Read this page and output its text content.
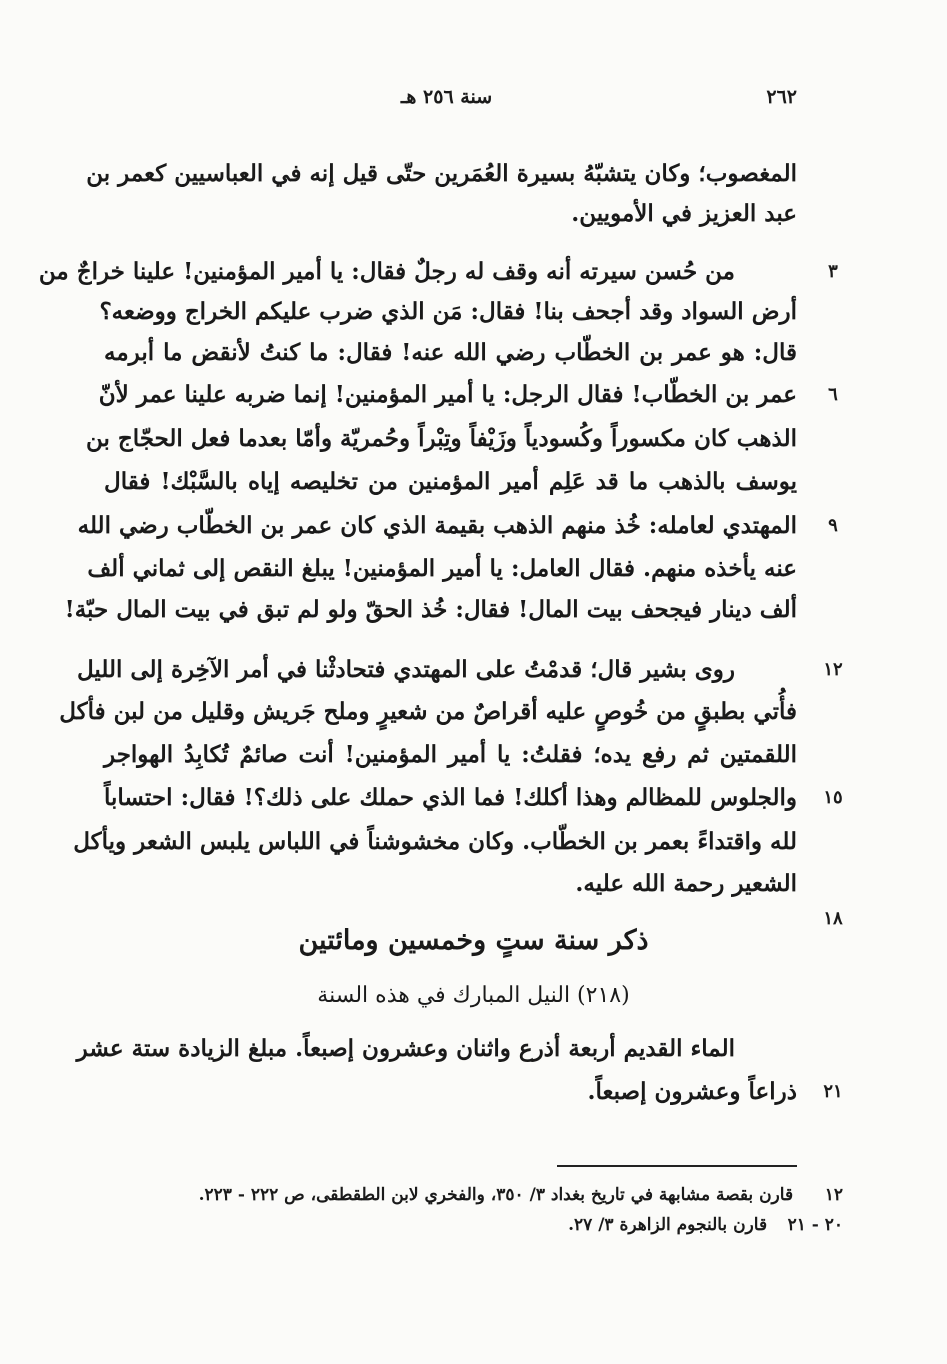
٢٦٢
سنة ٢٥٦ هـ
المغصوب؛ وكان يتشبّهُ بسيرة العُمَرين حتّى قيل إنه في العباسيين كعمر بن
عبد العزيز في الأمويين.
من حُسن سيرته أنه وقف له رجلٌ فقال: يا أمير المؤمنين! علينا خراجٌ من
أرض السواد وقد أجحف بنا! فقال: مَن الذي ضرب عليكم الخراج ووضعه؟
قال: هو عمر بن الخطّاب رضي الله عنه! فقال: ما كنتُ لأنقض ما أبرمه
عمر بن الخطّاب! فقال الرجل: يا أمير المؤمنين! إنما ضربه علينا عمر لأنّ
الذهب كان مكسوراً وكُسودياً وزَيْفاً وتِبْراً وحُمريّة وأمّا بعدما فعل الحجّاج بن
يوسف بالذهب ما قد عَلِم أمير المؤمنين من تخليصه إياه بالسَّبْك! فقال
المهتدي لعامله: خُذ منهم الذهب بقيمة الذي كان عمر بن الخطّاب رضي الله
عنه يأخذه منهم. فقال العامل: يا أمير المؤمنين! يبلغ النقص إلى ثماني ألف
ألف دينار فيجحف بيت المال! فقال: خُذ الحقّ ولو لم تبق في بيت المال حبّة!
روى بشير قال؛ قدمْتُ على المهتدي فتحادثْنا في أمر الآخِرة إلى الليل
فأُتي بطبقٍ من خُوصٍ عليه أقراصٌ من شعيرٍ وملح جَريش وقليل من لبن فأكل
اللقمتين ثم رفع يده؛ فقلتُ: يا أمير المؤمنين! أنت صائمٌ تُكابِدُ الهواجر
والجلوس للمظالم وهذا أكلك! فما الذي حملك على ذلك؟! فقال: احتساباً
لله واقتداءً بعمر بن الخطّاب. وكان مخشوشناً في اللباس يلبس الشعر ويأكل
الشعير رحمة الله عليه.
ذكر سنة ستٍ وخمسين ومائتين
(٢١٨) النيل المبارك في هذه السنة
الماء القديم أربعة أذرع واثنان وعشرون إصبعاً. مبلغ الزيادة ستة عشر
ذراعاً وعشرون إصبعاً.
٣
٦
٩
١٢
١٥
١٨
٢١
١٢ قارن بقصة مشابهة في تاريخ بغداد ٣/ ٣٥٠، والفخري لابن الطقطقى، ص ٢٢٢ - ٢٢٣.
٢٠ - ٢١ قارن بالنجوم الزاهرة ٣/ ٢٧.
